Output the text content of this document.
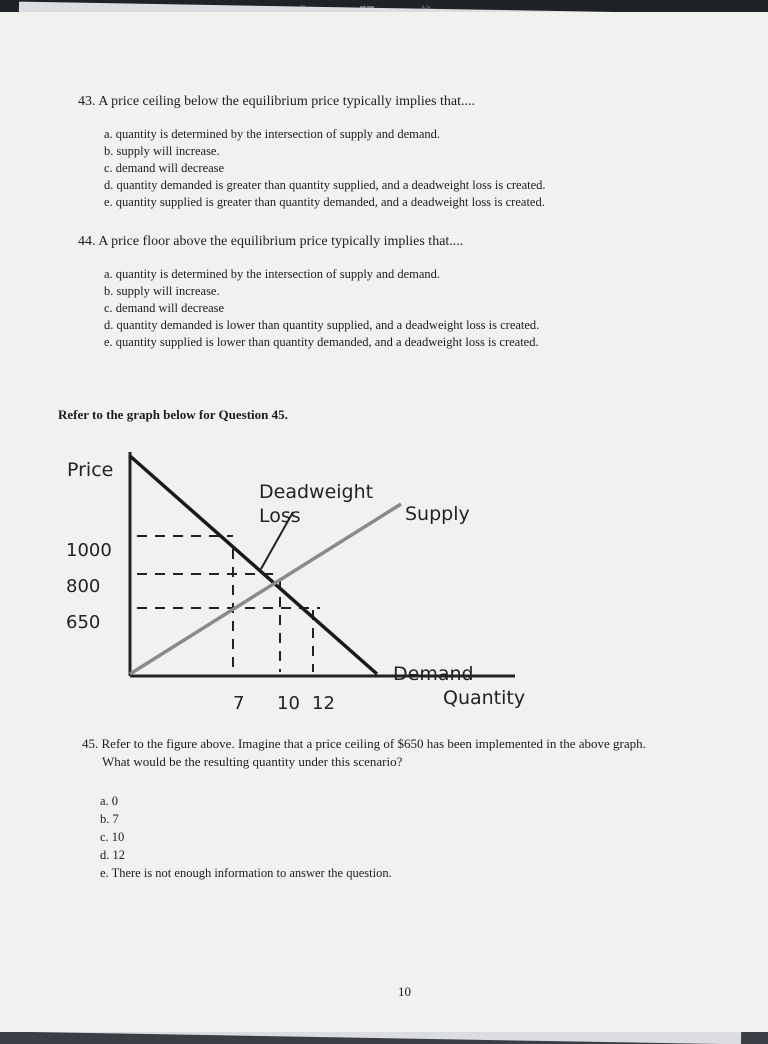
43. A price ceiling below the equilibrium price typically implies that....
a. quantity is determined by the intersection of supply and demand.
b. supply will increase.
c. demand will decrease
d. quantity demanded is greater than quantity supplied, and a deadweight loss is created.
e. quantity supplied is greater than quantity demanded, and a deadweight loss is created.
44. A price floor above the equilibrium price typically implies that....
a. quantity is determined by the intersection of supply and demand.
b. supply will increase.
c. demand will decrease
d. quantity demanded is lower than quantity supplied, and a deadweight loss is created.
e. quantity supplied is lower than quantity demanded, and a deadweight loss is created.
Refer to the graph below for Question 45.
Price
1000
800
650
7 10 12	Quantity
Supply
Demand
Deadweight
Loss
45. Refer to the figure above. Imagine that a price ceiling of $650 has been implemented in the above graph.
What would be the resulting quantity under this scenario?
a. 0
b. 7
c. 10
d. 12
e. There is not enough information to answer the question.
10
